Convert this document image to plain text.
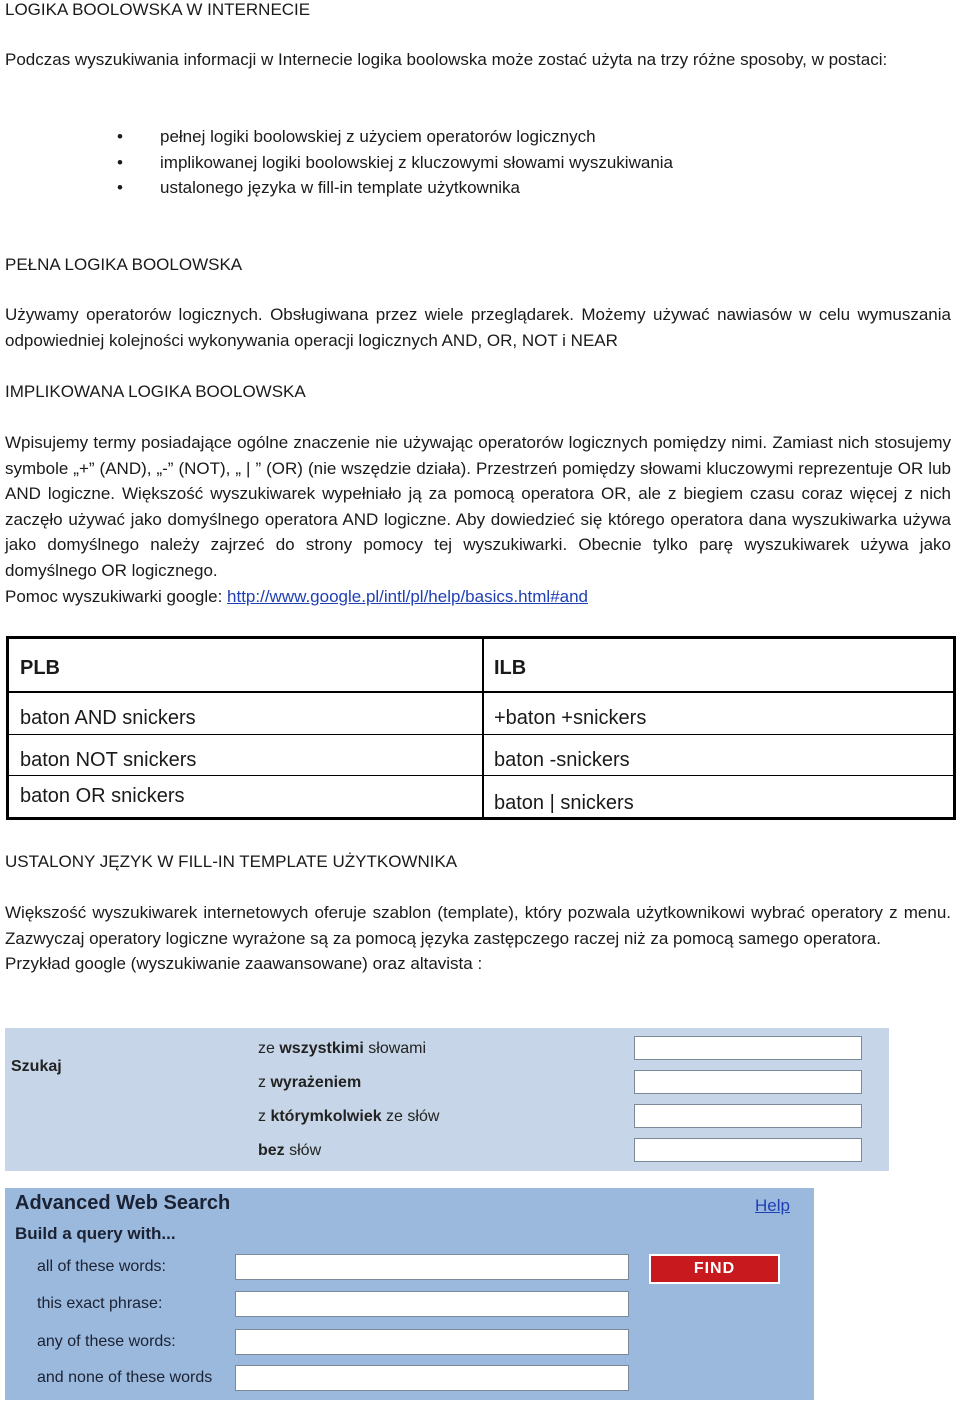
LOGIKA BOOLOWSKA W INTERNECIE
Podczas wyszukiwania informacji w Internecie logika boolowska może zostać użyta na trzy różne sposoby, w postaci:
• pełnej logiki boolowskiej z użyciem operatorów logicznych
• implikowanej logiki boolowskiej z kluczowymi słowami wyszukiwania
• ustalonego języka w fill-in template użytkownika
PEŁNA LOGIKA BOOLOWSKA
Używamy operatorów logicznych. Obsługiwana przez wiele przeglądarek. Możemy używać nawiasów w celu wymuszania odpowiedniej kolejności wykonywania operacji logicznych AND, OR, NOT i NEAR
IMPLIKOWANA LOGIKA BOOLOWSKA
Wpisujemy termy posiadające ogólne znaczenie nie używając operatorów logicznych pomiędzy nimi. Zamiast nich stosujemy symbole „+” (AND), „-” (NOT), „ | ” (OR) (nie wszędzie działa). Przestrzeń pomiędzy słowami kluczowymi reprezentuje OR lub AND logiczne. Większość wyszukiwarek wypełniało ją za pomocą operatora OR, ale z biegiem czasu coraz więcej z nich zaczęło używać jako domyślnego operatora AND logiczne. Aby dowiedzieć się którego operatora dana wyszukiwarka używa jako domyślnego należy zajrzeć do strony pomocy tej wyszukiwarki. Obecnie tylko parę wyszukiwarek używa jako domyślnego OR logicznego.
Pomoc wyszukiwarki google: http://www.google.pl/intl/pl/help/basics.html#and
PLB	ILB
baton AND snickers	+baton +snickers
baton NOT snickers	baton -snickers
baton OR snickers	baton | snickers
USTALONY JĘZYK W FILL-IN TEMPLATE UŻYTKOWNIKA
Większość wyszukiwarek internetowych oferuje szablon (template), który pozwala użytkownikowi wybrać operatory z menu. Zazwyczaj operatory logiczne wyrażone są za pomocą języka zastępczego raczej niż za pomocą samego operatora.
Przykład google (wyszukiwanie zaawansowane) oraz altavista :
Szukaj
ze wszystkimi słowami
z wyrażeniem
z którymkolwiek ze słów
bez słów
Advanced Web Search
Build a query with...
Help
all of these words:
this exact phrase:
any of these words:
and none of these words
FIND
